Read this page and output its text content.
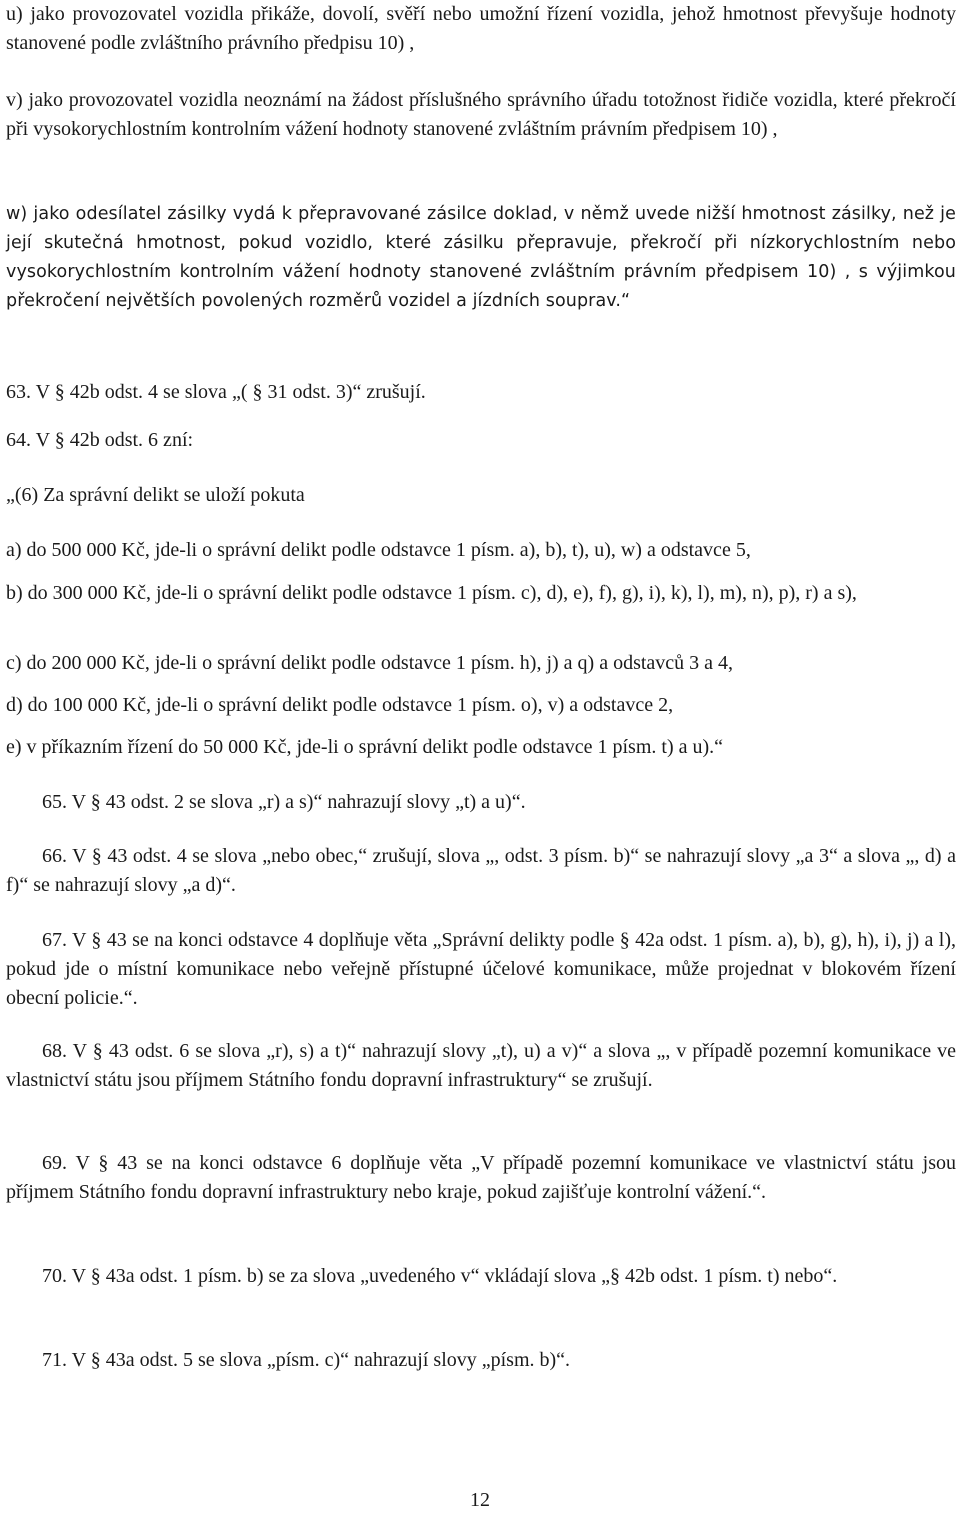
u) jako provozovatel vozidla přikáže, dovolí, svěří nebo umožní řízení vozidla, jehož hmotnost převyšuje hodnoty stanovené podle zvláštního právního předpisu 10) ,

v) jako provozovatel vozidla neoznámí na žádost příslušného správního úřadu totožnost řidiče vozidla, které překročí při vysokorychlostním kontrolním vážení hodnoty stanovené zvláštním právním předpisem 10) ,

w) jako odesílatel zásilky vydá k přepravované zásilce doklad, v němž uvede nižší hmotnost zásilky, než je její skutečná hmotnost, pokud vozidlo, které zásilku přepravuje, překročí při nízkorychlostním nebo vysokorychlostním kontrolním vážení hodnoty stanovené zvláštním právním předpisem 10) , s výjimkou překročení největších povolených rozměrů vozidel a jízdních souprav.“

63. V § 42b odst. 4 se slova „( § 31 odst. 3)“ zrušují.

64. V § 42b odst. 6 zní:

„(6) Za správní delikt se uloží pokuta

a) do 500 000 Kč, jde-li o správní delikt podle odstavce 1 písm. a), b), t), u), w) a odstavce 5,

b) do 300 000 Kč, jde-li o správní delikt podle odstavce 1 písm. c), d), e), f), g), i), k), l), m), n), p), r) a s),

c) do 200 000 Kč, jde-li o správní delikt podle odstavce 1 písm. h), j) a q) a odstavců 3 a 4,

d) do 100 000 Kč, jde-li o správní delikt podle odstavce 1 písm. o), v) a odstavce 2,

e) v příkazním řízení do 50 000 Kč, jde-li o správní delikt podle odstavce 1 písm. t) a u).“

65. V § 43 odst. 2 se slova „r) a s)“ nahrazují slovy „t) a u)“.

66. V § 43 odst. 4 se slova „nebo obec,“ zrušují, slova „, odst. 3 písm. b)“ se nahrazují slovy „a 3“ a slova „, d) a f)“ se nahrazují slovy „a d)“.

67. V § 43 se na konci odstavce 4 doplňuje věta „Správní delikty podle § 42a odst. 1 písm. a), b), g), h), i), j) a l), pokud jde o místní komunikace nebo veřejně přístupné účelové komunikace, může projednat v blokovém řízení obecní policie.“.

68. V § 43 odst. 6 se slova „r), s) a t)“ nahrazují slovy „t), u) a v)“ a slova „, v případě pozemní komunikace ve vlastnictví státu jsou příjmem Státního fondu dopravní infrastruktury“ se zrušují.

69. V § 43 se na konci odstavce 6 doplňuje věta „V případě pozemní komunikace ve vlastnictví státu jsou příjmem Státního fondu dopravní infrastruktury nebo kraje, pokud zajišťuje kontrolní vážení.“.

70. V § 43a odst. 1 písm. b) se za slova „uvedeného v“ vkládají slova „§ 42b odst. 1 písm. t) nebo“.

71. V § 43a odst. 5 se slova „písm. c)“ nahrazují slovy „písm. b)“.

12
